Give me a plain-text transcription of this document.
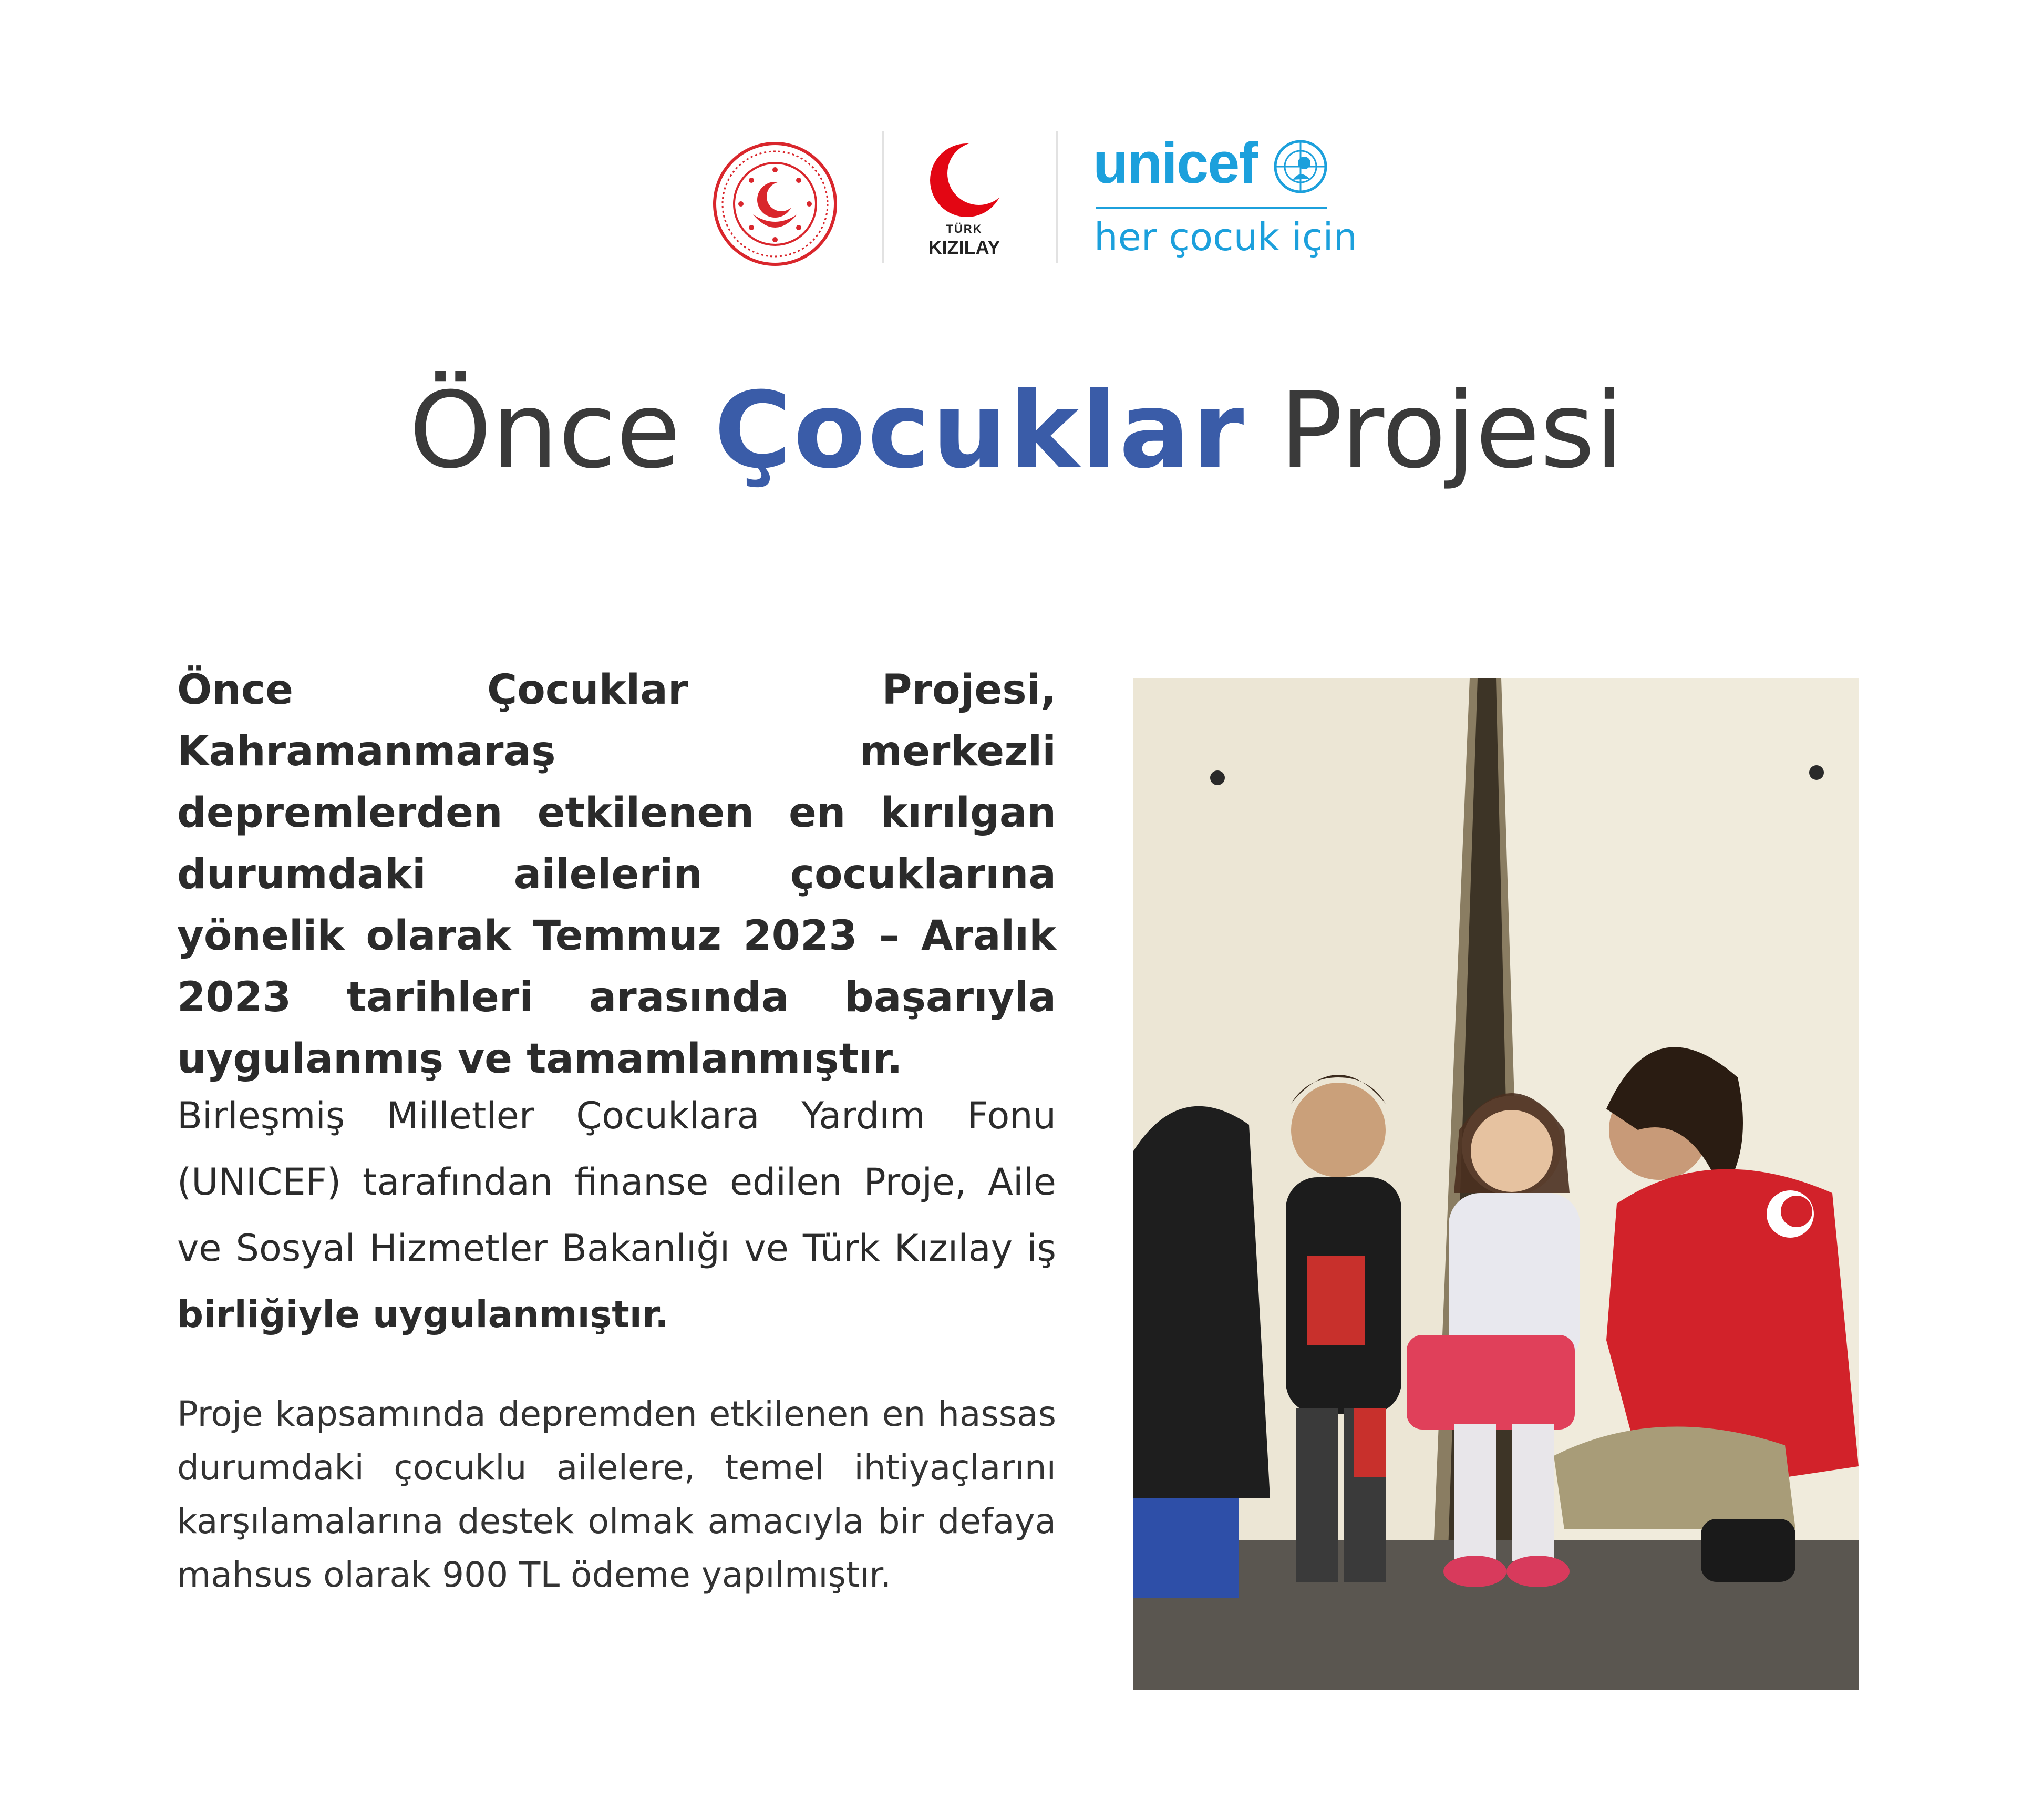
TÜRK
KIZILAY
unicef
her çocuk için
Önce Çocuklar Projesi
Önce Çocuklar Projesi, Kahramanmaraş merkezli depremlerden etkilenen en kırılgan durumdaki ailelerin çocuklarına yönelik olarak Temmuz 2023 – Aralık 2023 tarihleri arasında başarıyla uygulanmış ve tamamlanmıştır.
Birleşmiş Milletler Çocuklara Yardım Fonu (UNICEF) tarafından finanse edilen Proje, Aile ve Sosyal Hizmetler Bakanlığı ve Türk Kızılay iş birliğiyle uygulanmıştır.
Proje kapsamında depremden etkilenen en hassas durumdaki çocuklu ailelere, temel ihtiyaçlarını karşılamalarına destek olmak amacıyla bir defaya mahsus olarak 900 TL ödeme yapılmıştır.
